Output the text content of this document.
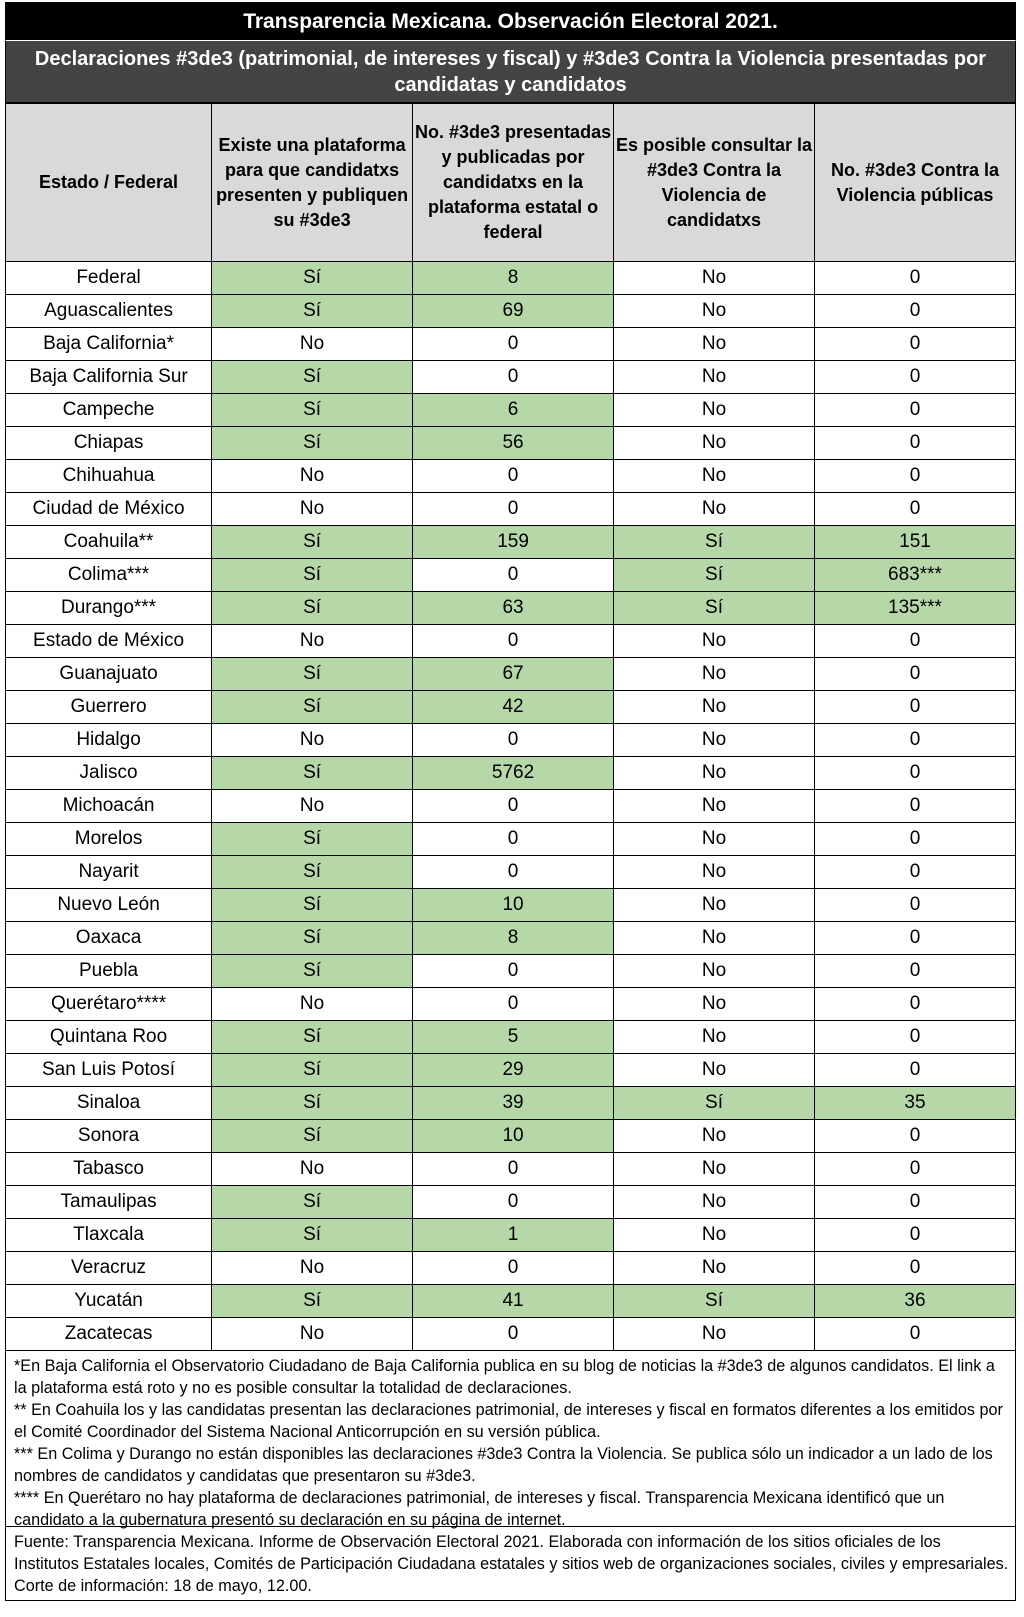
Transparencia Mexicana. Observación Electoral 2021.
Declaraciones #3de3 (patrimonial, de intereses y fiscal) y #3de3 Contra la Violencia presentadas por candidatas y candidatos
Estado / Federal	Existe una plataforma para que candidatxs presenten y publiquen su #3de3	No. #3de3 presentadas y publicadas por candidatxs en la plataforma estatal o federal	Es posible consultar la #3de3 Contra la Violencia de candidatxs	No. #3de3 Contra la Violencia públicas
Federal	Sí	8	No	0
Aguascalientes	Sí	69	No	0
Baja California*	No	0	No	0
Baja California Sur	Sí	0	No	0
Campeche	Sí	6	No	0
Chiapas	Sí	56	No	0
Chihuahua	No	0	No	0
Ciudad de México	No	0	No	0
Coahuila**	Sí	159	Sí	151
Colima***	Sí	0	Sí	683***
Durango***	Sí	63	Sí	135***
Estado de México	No	0	No	0
Guanajuato	Sí	67	No	0
Guerrero	Sí	42	No	0
Hidalgo	No	0	No	0
Jalisco	Sí	5762	No	0
Michoacán	No	0	No	0
Morelos	Sí	0	No	0
Nayarit	Sí	0	No	0
Nuevo León	Sí	10	No	0
Oaxaca	Sí	8	No	0
Puebla	Sí	0	No	0
Querétaro****	No	0	No	0
Quintana Roo	Sí	5	No	0
San Luis Potosí	Sí	29	No	0
Sinaloa	Sí	39	Sí	35
Sonora	Sí	10	No	0
Tabasco	No	0	No	0
Tamaulipas	Sí	0	No	0
Tlaxcala	Sí	1	No	0
Veracruz	No	0	No	0
Yucatán	Sí	41	Sí	36
Zacatecas	No	0	No	0

*En Baja California el Observatorio Ciudadano de Baja California publica en su blog de noticias la #3de3 de algunos candidatos. El link a la plataforma está roto y no es posible consultar la totalidad de declaraciones.

** En Coahuila los y las candidatas presentan las declaraciones patrimonial, de intereses y fiscal en formatos diferentes a los emitidos por el Comité Coordinador del Sistema Nacional Anticorrupción en su versión pública.

*** En Colima y Durango no están disponibles las declaraciones #3de3 Contra la Violencia. Se publica sólo un indicador a un lado de los nombres de candidatos y candidatas que presentaron su #3de3.

**** En Querétaro no hay plataforma de declaraciones patrimonial, de intereses y fiscal. Transparencia Mexicana identificó que un candidato a la gubernatura presentó su declaración en su página de internet.

Fuente: Transparencia Mexicana. Informe de Observación Electoral 2021. Elaborada con información de los sitios oficiales de los Institutos Estatales locales, Comités de Participación Ciudadana estatales y sitios web de organizaciones sociales, civiles y empresariales. Corte de información: 18 de mayo, 12.00.
